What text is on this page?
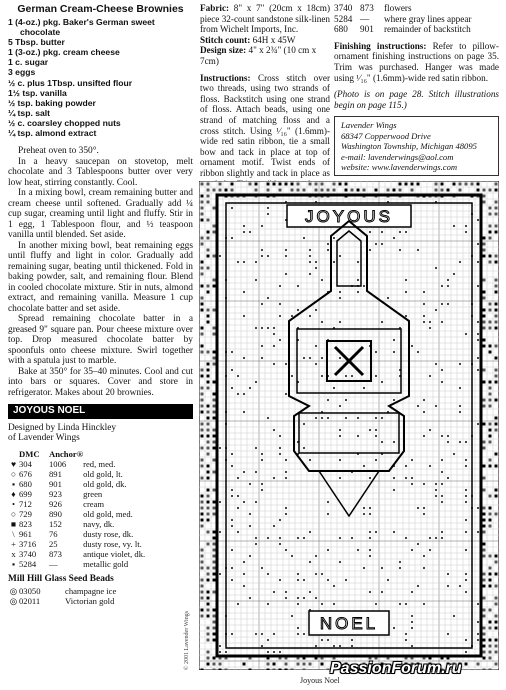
German Cream-Cheese Brownies
1 (4-oz.) pkg. Baker's German sweet
chocolate
5 Tbsp. butter
1 (3-oz.) pkg. cream cheese
1 c. sugar
3 eggs
½ c. plus 1Tbsp. unsifted flour
1½ tsp. vanilla
½ tsp. baking powder
¼ tsp. salt
½ c. coarsley chopped nuts
¼ tsp. almond extract

Preheat oven to 350°.

In a heavy saucepan on stovetop, melt chocolate and 3 Tablespoons butter over very low heat, stirring constantly. Cool.

In a mixing bowl, cream remaining butter and cream cheese until softened. Gradually add ¼ cup sugar, creaming until light and fluffy. Stir in 1 egg, 1 Tablespoon flour, and ½ teaspoon vanilla until blended. Set aside.

In another mixing bowl, beat remaining eggs until fluffy and light in color. Gradually add remaining sugar, beating until thickened. Fold in baking powder, salt, and remaining flour. Blend in cooled chocolate mixture. Stir in nuts, almond extract, and remaining vanilla. Measure 1 cup chocolate batter and set aside.

Spread remaining chocolate batter in a greased 9" square pan. Pour cheese mixture over top. Drop measured chocolate batter by spoonfuls onto cheese mixture. Swirl together with a spatula just to marble.

Bake at 350° for 35–40 minutes. Cool and cut into bars or squares. Cover and store in refrigerator. Makes about 20 brownies.

JOYOUS NOEL
Designed by Linda Hinckley
of Lavender Wings
	DMC	Anchor®	
♥	304	1006	red, med.
○	676	891	old gold, lt.
▪	680	901	old gold, dk.
♦	699	923	green
•	712	926	cream
○	729	890	old gold, med.
■	823	152	navy, dk.
\	961	76	dusty rose, dk.
+	3716	25	dusty rose, vy. lt.
x	3740	873	antique violet, dk.
▪	5284	—	metallic gold
Mill Hill Glass Seed Beads
◎	03050	champagne ice
◎	02011	Victorian gold

Fabric: 8" x 7" (20cm x 18cm) piece 32-count sandstone silk-linen from Wichelt Imports, Inc.

Stitch count: 64H x 45W
Design size: 4" x 2¾" (10 cm x 7cm)

Instructions: Cross stitch over two threads, using two strands of floss. Backstitch using one strand of floss. Attach beads, using one strand of matching floss and a cross stitch. Using ¹⁄₁₆" (1.6mm)-wide red satin ribbon, tie a small bow and tack in place at top of ornament motif. Twist ends of ribbon slightly and tack in place as

3740 873 flowers
5284 — where gray lines appear
680 901 remainder of backstitch

Finishing instructions: Refer to pillow-ornament finishing instructions on page 35. Trim was purchased. Hanger was made using ¹⁄₁₆" (1.6mm)-wide red satin ribbon.

(Photo is on page 28. Stitch illustrations begin on page 115.)

Lavender Wings
68347 Copperwood Drive
Washington Township, Michigan 48095
e-mail: lavenderwings@aol.com
website: www.lavenderwings.com
JOYOUS
NOEL
© 2001 Lavender Wings
Joyous Noel
PassionForum.ru
